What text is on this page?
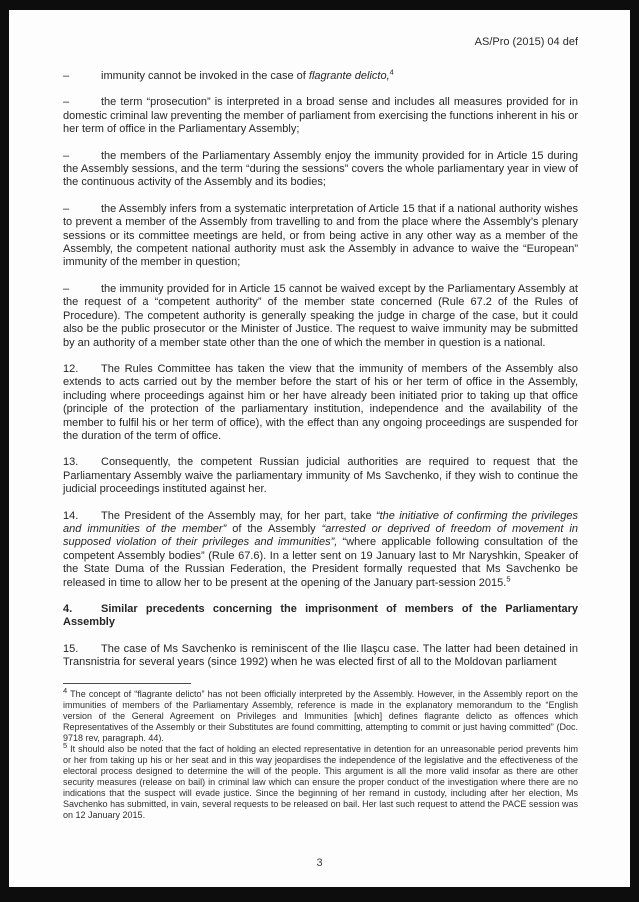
AS/Pro (2015) 04 def

–	immunity cannot be invoked in the case of flagrante delicto,$^4$

–	the term “prosecution” is interpreted in a broad sense and includes all measures provided for in domestic criminal law preventing the member of parliament from exercising the functions inherent in his or her term of office in the Parliamentary Assembly;

–	the members of the Parliamentary Assembly enjoy the immunity provided for in Article 15 during the Assembly sessions, and the term “during the sessions” covers the whole parliamentary year in view of the continuous activity of the Assembly and its bodies;

–	the Assembly infers from a systematic interpretation of Article 15 that if a national authority wishes to prevent a member of the Assembly from travelling to and from the place where the Assembly’s plenary sessions or its committee meetings are held, or from being active in any other way as a member of the Assembly, the competent national authority must ask the Assembly in advance to waive the “European” immunity of the member in question;

–	the immunity provided for in Article 15 cannot be waived except by the Parliamentary Assembly at the request of a “competent authority” of the member state concerned (Rule 67.2 of the Rules of Procedure). The competent authority is generally speaking the judge in charge of the case, but it could also be the public prosecutor or the Minister of Justice. The request to waive immunity may be submitted by an authority of a member state other than the one of which the member in question is a national.

12. The Rules Committee has taken the view that the immunity of members of the Assembly also extends to acts carried out by the member before the start of his or her term of office in the Assembly, including where proceedings against him or her have already been initiated prior to taking up that office (principle of the protection of the parliamentary institution, independence and the availability of the member to fulfil his or her term of office), with the effect than any ongoing proceedings are suspended for the duration of the term of office.

13. Consequently, the competent Russian judicial authorities are required to request that the Parliamentary Assembly waive the parliamentary immunity of Ms Savchenko, if they wish to continue the judicial proceedings instituted against her.

14. The President of the Assembly may, for her part, take “the initiative of confirming the privileges and immunities of the member” of the Assembly “arrested or deprived of freedom of movement in supposed violation of their privileges and immunities”, “where applicable following consultation of the competent Assembly bodies” (Rule 67.6). In a letter sent on 19 January last to Mr Naryshkin, Speaker of the State Duma of the Russian Federation, the President formally requested that Ms Savchenko be released in time to allow her to be present at the opening of the January part-session 2015.$^5$

4.	Similar precedents concerning the imprisonment of members of the Parliamentary Assembly

15. The case of Ms Savchenko is reminiscent of the Ilie Ilaşcu case. The latter had been detained in Transnistria for several years (since 1992) when he was elected first of all to the Moldovan parliament

$^4$ The concept of “flagrante delicto” has not been officially interpreted by the Assembly. However, in the Assembly report on the immunities of members of the Parliamentary Assembly, reference is made in the explanatory memorandum to the “English version of the General Agreement on Privileges and Immunities [which] defines flagrante delicto as offences which Representatives of the Assembly or their Substitutes are found committing, attempting to commit or just having committed” (Doc. 9718 rev, paragraph. 44).

$^5$ It should also be noted that the fact of holding an elected representative in detention for an unreasonable period prevents him or her from taking up his or her seat and in this way jeopardises the independence of the legislative and the effectiveness of the electoral process designed to determine the will of the people. This argument is all the more valid insofar as there are other security measures (release on bail) in criminal law which can ensure the proper conduct of the investigation where there are no indications that the suspect will evade justice. Since the beginning of her remand in custody, including after her election, Ms Savchenko has submitted, in vain, several requests to be released on bail. Her last such request to attend the PACE session was on 12 January 2015.

3
